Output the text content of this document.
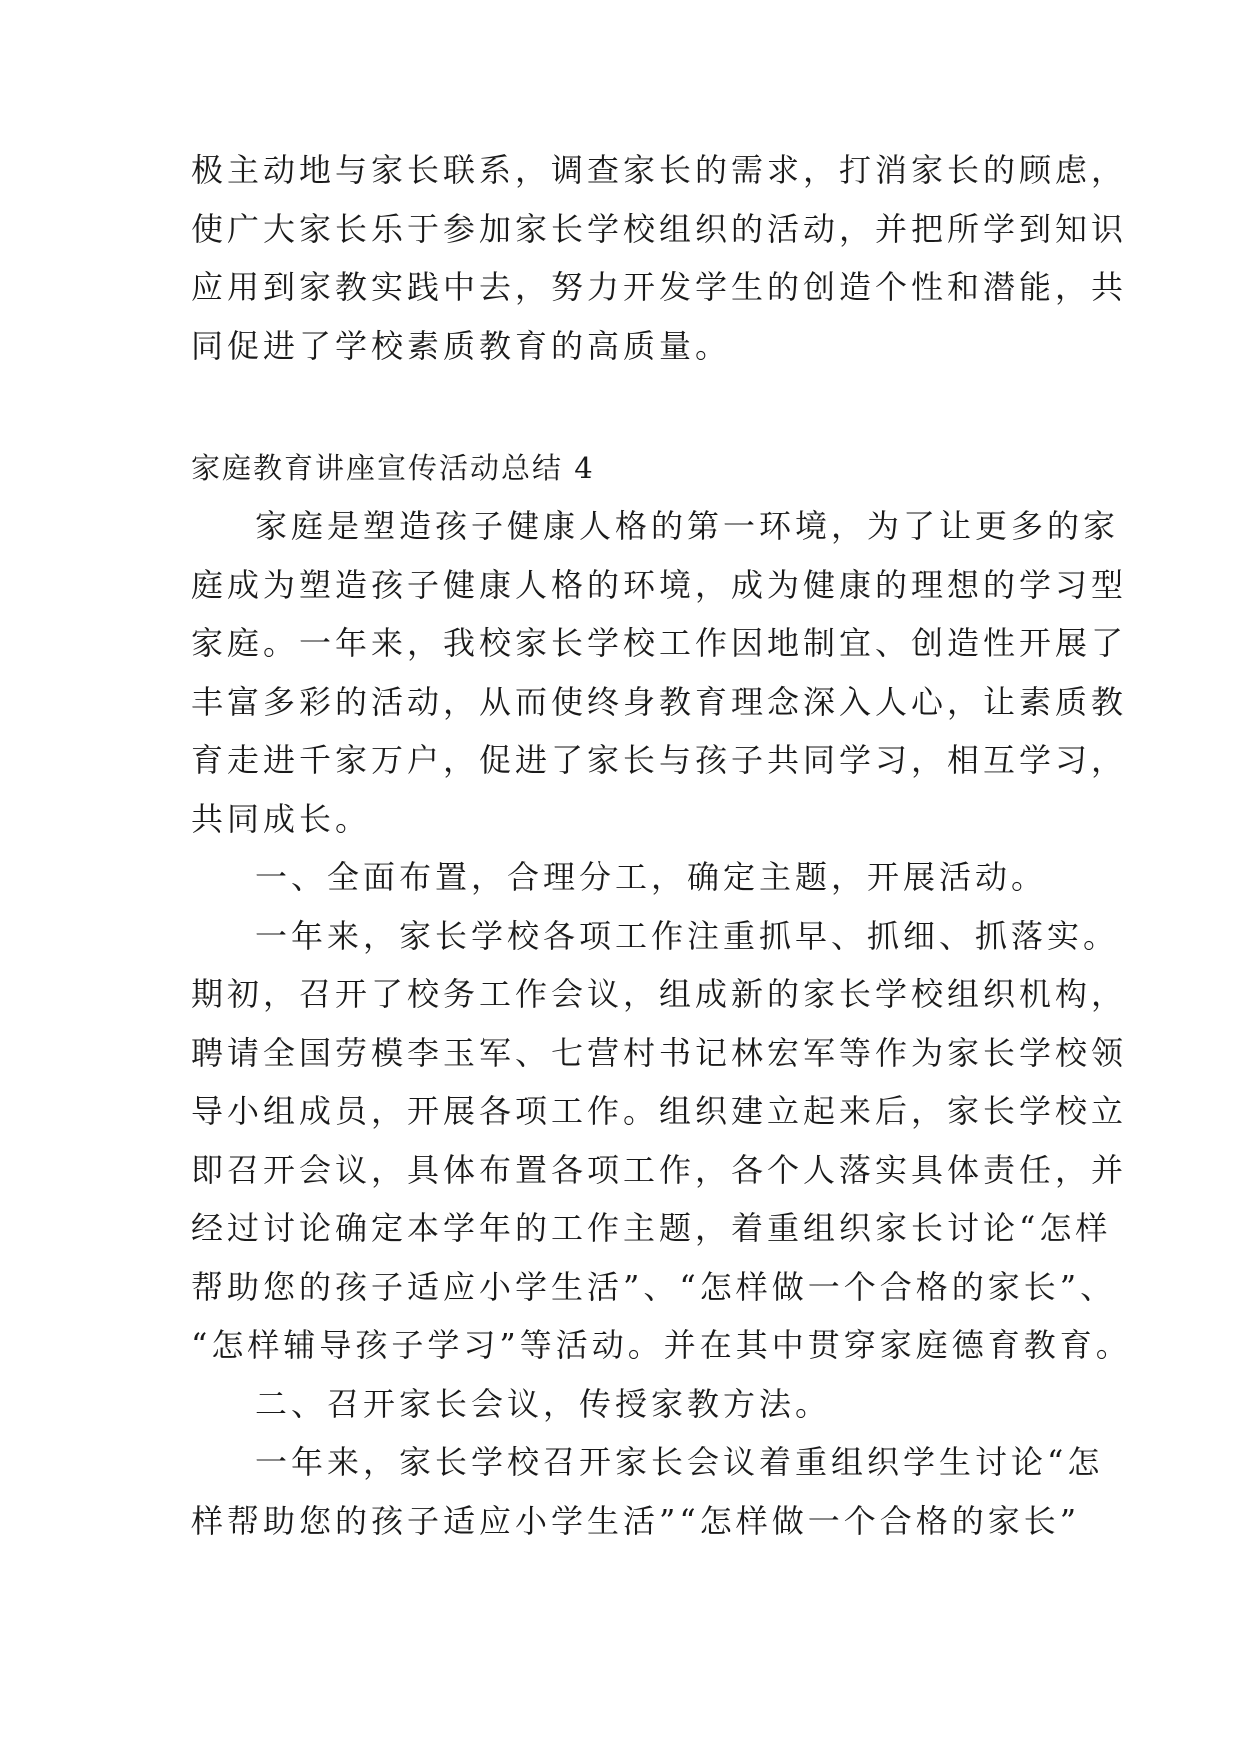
极主动地与家长联系，调查家长的需求，打消家长的顾虑，
使广大家长乐于参加家长学校组织的活动，并把所学到知识
应用到家教实践中去，努力开发学生的创造个性和潜能，共
同促进了学校素质教育的高质量。
家庭教育讲座宣传活动总结 4
家庭是塑造孩子健康人格的第一环境，为了让更多的家
庭成为塑造孩子健康人格的环境，成为健康的理想的学习型
家庭。一年来，我校家长学校工作因地制宜、创造性开展了
丰富多彩的活动，从而使终身教育理念深入人心，让素质教
育走进千家万户，促进了家长与孩子共同学习，相互学习，
共同成长。
一、全面布置，合理分工，确定主题，开展活动。
一年来，家长学校各项工作注重抓早、抓细、抓落实。
期初，召开了校务工作会议，组成新的家长学校组织机构，
聘请全国劳模李玉军、七营村书记林宏军等作为家长学校领
导小组成员，开展各项工作。组织建立起来后，家长学校立
即召开会议，具体布置各项工作，各个人落实具体责任，并
经过讨论确定本学年的工作主题，着重组织家长讨论“怎样
帮助您的孩子适应小学生活”、“怎样做一个合格的家长”、
“怎样辅导孩子学习”等活动。并在其中贯穿家庭德育教育。
二、召开家长会议，传授家教方法。
一年来，家长学校召开家长会议着重组织学生讨论“怎
样帮助您的孩子适应小学生活”“怎样做一个合格的家长”
